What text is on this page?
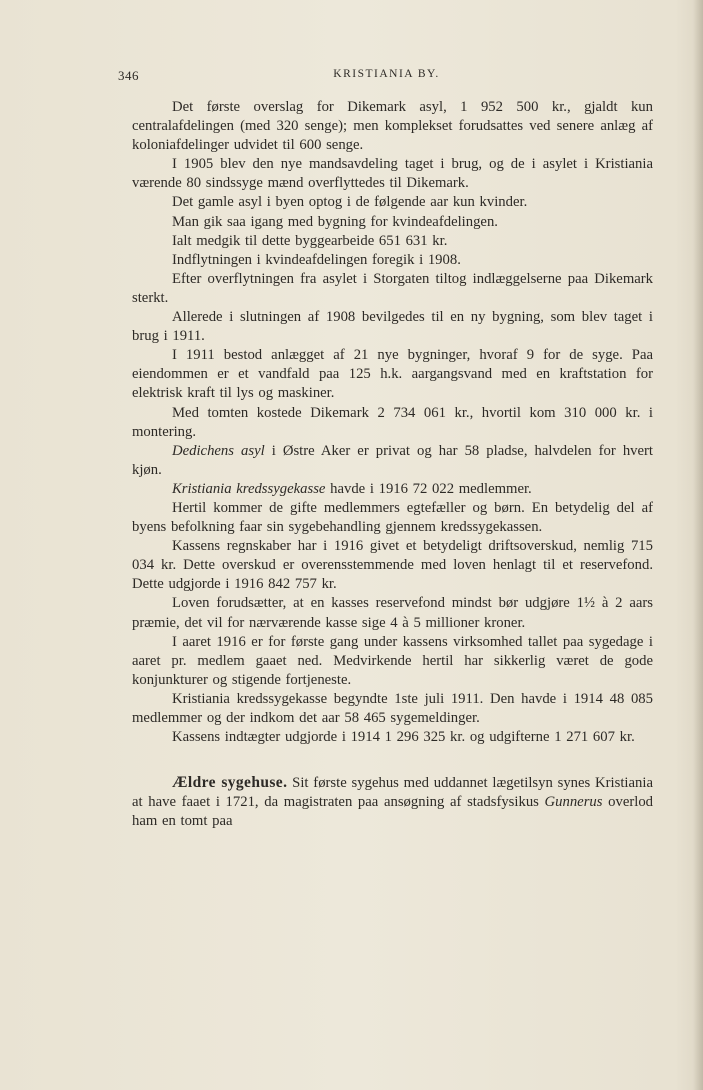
346	KRISTIANIA BY.

Det første overslag for Dikemark asyl, 1 952 500 kr., gjaldt kun centralafdelingen (med 320 senge); men komplekset forudsattes ved senere anlæg af koloniafdelinger udvidet til 600 senge.

I 1905 blev den nye mandsavdeling taget i brug, og de i asylet i Kristiania værende 80 sindssyge mænd overflyttedes til Dikemark.

Det gamle asyl i byen optog i de følgende aar kun kvinder.

Man gik saa igang med bygning for kvindeafdelingen.

Ialt medgik til dette byggearbeide 651 631 kr.

Indflytningen i kvindeafdelingen foregik i 1908.

Efter overflytningen fra asylet i Storgaten tiltog indlæggelserne paa Dikemark sterkt.

Allerede i slutningen af 1908 bevilgedes til en ny bygning, som blev taget i brug i 1911.

I 1911 bestod anlægget af 21 nye bygninger, hvoraf 9 for de syge. Paa eiendommen er et vandfald paa 125 h.k. aargangsvand med en kraftstation for elektrisk kraft til lys og maskiner.

Med tomten kostede Dikemark 2 734 061 kr., hvortil kom 310 000 kr. i montering.

Dedichens asyl i Østre Aker er privat og har 58 pladse, halvdelen for hvert kjøn.

Kristiania kredssygekasse havde i 1916 72 022 medlemmer.

Hertil kommer de gifte medlemmers egtefæller og børn. En betydelig del af byens befolkning faar sin sygebehandling gjennem kredssygekassen.

Kassens regnskaber har i 1916 givet et betydeligt driftsoverskud, nemlig 715 034 kr. Dette overskud er overensstemmende med loven henlagt til et reservefond. Dette udgjorde i 1916 842 757 kr.

Loven forudsætter, at en kasses reservefond mindst bør udgjøre 1½ à 2 aars præmie, det vil for nærværende kasse sige 4 à 5 millioner kroner.

I aaret 1916 er for første gang under kassens virksomhed tallet paa sygedage i aaret pr. medlem gaaet ned. Medvirkende hertil har sikkerlig været de gode konjunkturer og stigende fortjeneste.

Kristiania kredssygekasse begyndte 1ste juli 1911. Den havde i 1914 48 085 medlemmer og der indkom det aar 58 465 sygemeldinger.

Kassens indtægter udgjorde i 1914 1 296 325 kr. og udgifterne 1 271 607 kr.

Ældre sygehuse. Sit første sygehus med uddannet lægetilsyn synes Kristiania at have faaet i 1721, da magistraten paa ansøgning af stadsfysikus Gunnerus overlod ham en tomt paa
